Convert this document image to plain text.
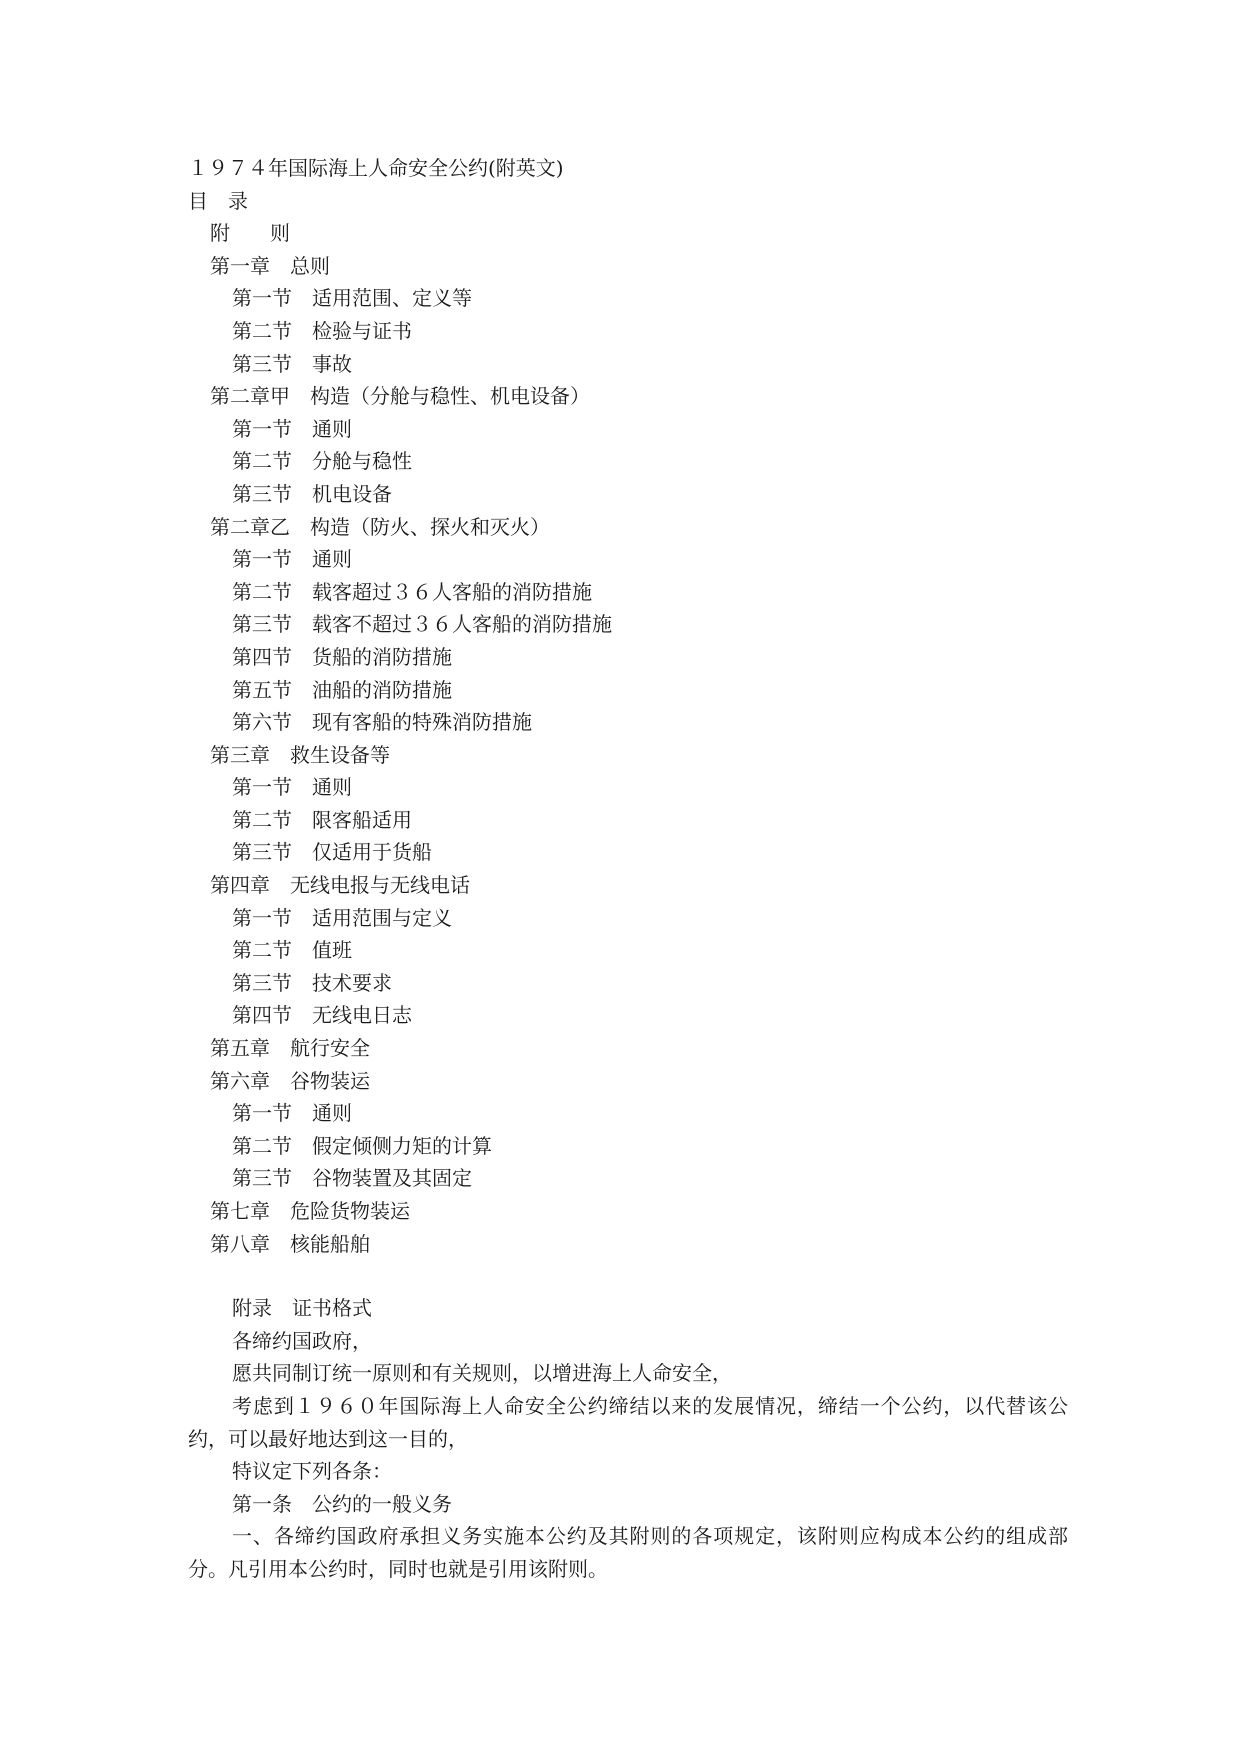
１９７４年国际海上人命安全公约(附英文)
目　录
附　　则
第一章　总则
第一节　适用范围、定义等
第二节　检验与证书
第三节　事故
第二章甲　构造（分舱与稳性、机电设备）
第一节　通则
第二节　分舱与稳性
第三节　机电设备
第二章乙　构造（防火、探火和灭火）
第一节　通则
第二节　载客超过３６人客船的消防措施
第三节　载客不超过３６人客船的消防措施
第四节　货船的消防措施
第五节　油船的消防措施
第六节　现有客船的特殊消防措施
第三章　救生设备等
第一节　通则
第二节　限客船适用
第三节　仅适用于货船
第四章　无线电报与无线电话
第一节　适用范围与定义
第二节　值班
第三节　技术要求
第四节　无线电日志
第五章　航行安全
第六章　谷物装运
第一节　通则
第二节　假定倾侧力矩的计算
第三节　谷物装置及其固定
第七章　危险货物装运
第八章　核能船舶
附录　证书格式
各缔约国政府，
愿共同制订统一原则和有关规则，以增进海上人命安全，
考虑到１９６０年国际海上人命安全公约缔结以来的发展情况，缔结一个公约，以代替该公约，可以最好地达到这一目的，
特议定下列各条：
第一条　公约的一般义务
一、各缔约国政府承担义务实施本公约及其附则的各项规定，该附则应构成本公约的组成部分。凡引用本公约时，同时也就是引用该附则。
